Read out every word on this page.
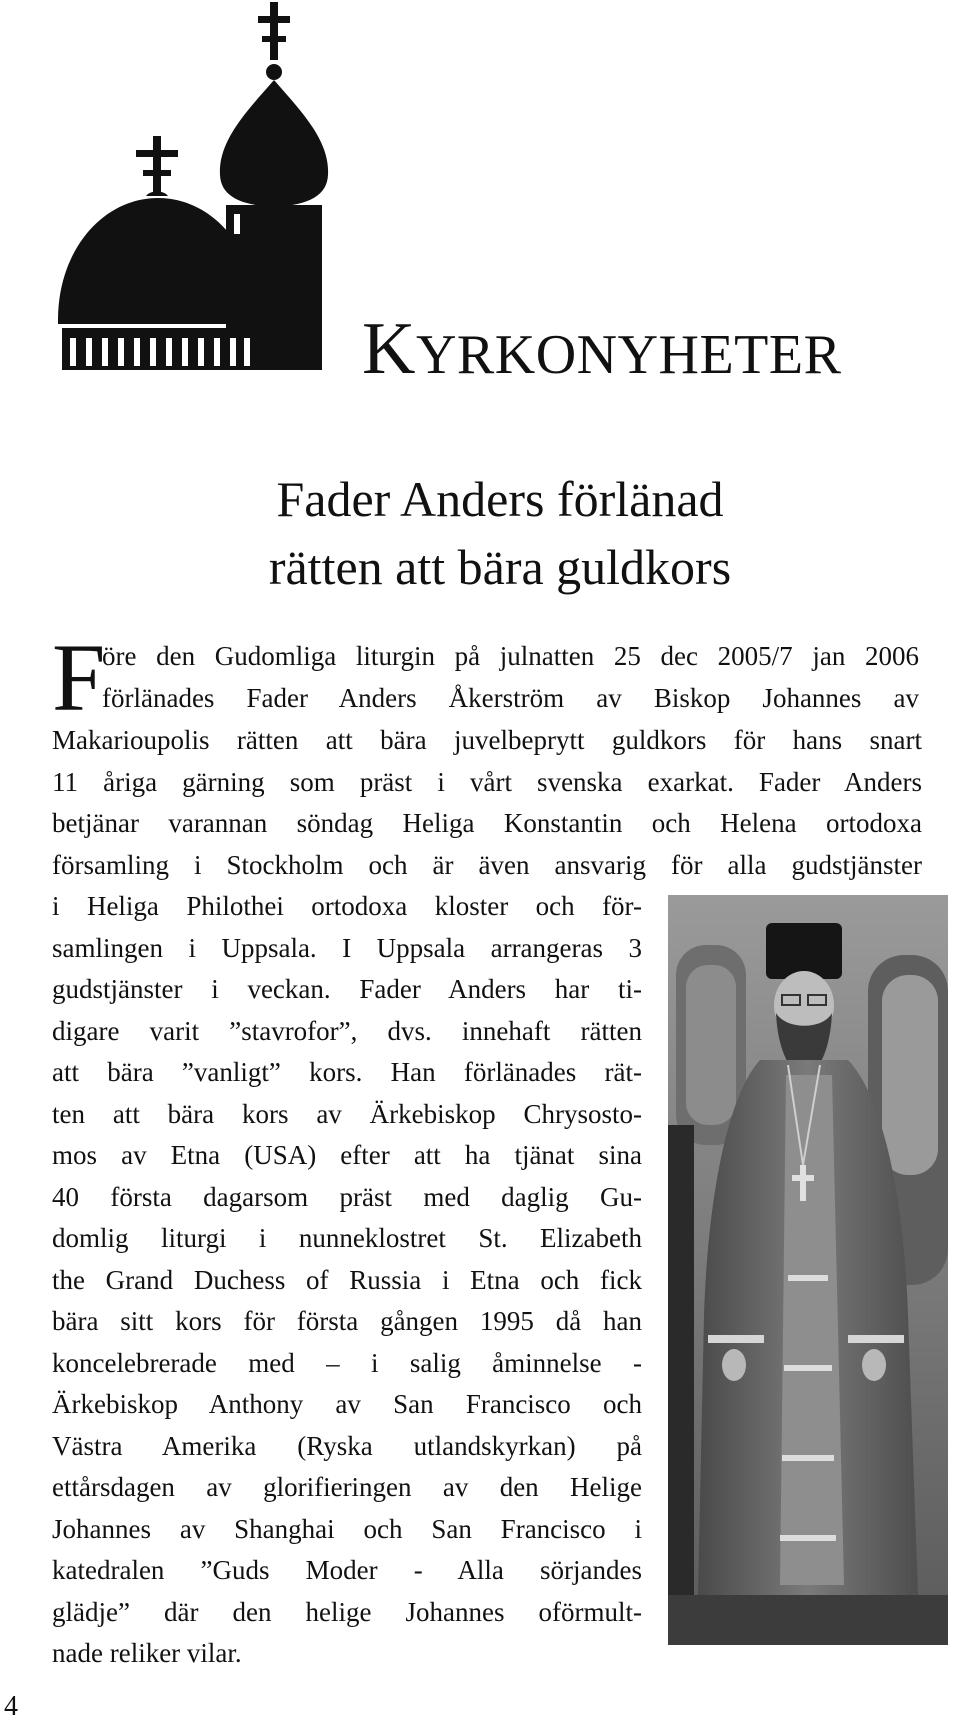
KYRKONYHETER
Fader Anders förlänad
rätten att bära guldkors
F
öre den Gudomliga liturgin på julnatten 25 dec 2005/7 jan 2006
förlänades Fader Anders Åkerström av Biskop Johannes av
Makarioupolis rätten att bära juvelbeprytt guldkors för hans snart
11 åriga gärning som präst i vårt svenska exarkat. Fader Anders
betjänar varannan söndag Heliga Konstantin och Helena ortodoxa
församling i Stockholm och är även ansvarig för alla gudstjänster
i Heliga Philothei ortodoxa kloster och för-
samlingen i Uppsala. I Uppsala arrangeras 3
gudstjänster i veckan. Fader Anders har ti-
digare varit ”stavrofor”, dvs. innehaft rätten
att bära ”vanligt” kors. Han förlänades rät-
ten att bära kors av Ärkebiskop Chrysosto-
mos av Etna (USA) efter att ha tjänat sina
40 första dagarsom präst med daglig Gu-
domlig liturgi i nunneklostret St. Elizabeth
the Grand Duchess of Russia i Etna och fick
bära sitt kors för första gången 1995 då han
koncelebrerade med – i salig åminnelse -
Ärkebiskop Anthony av San Francisco och
Västra Amerika (Ryska utlandskyrkan) på
ettårsdagen av glorifieringen av den Helige
Johannes av Shanghai och San Francisco i
katedralen ”Guds Moder - Alla sörjandes
glädje” där den helige Johannes oförmult-
nade reliker vilar.
4
